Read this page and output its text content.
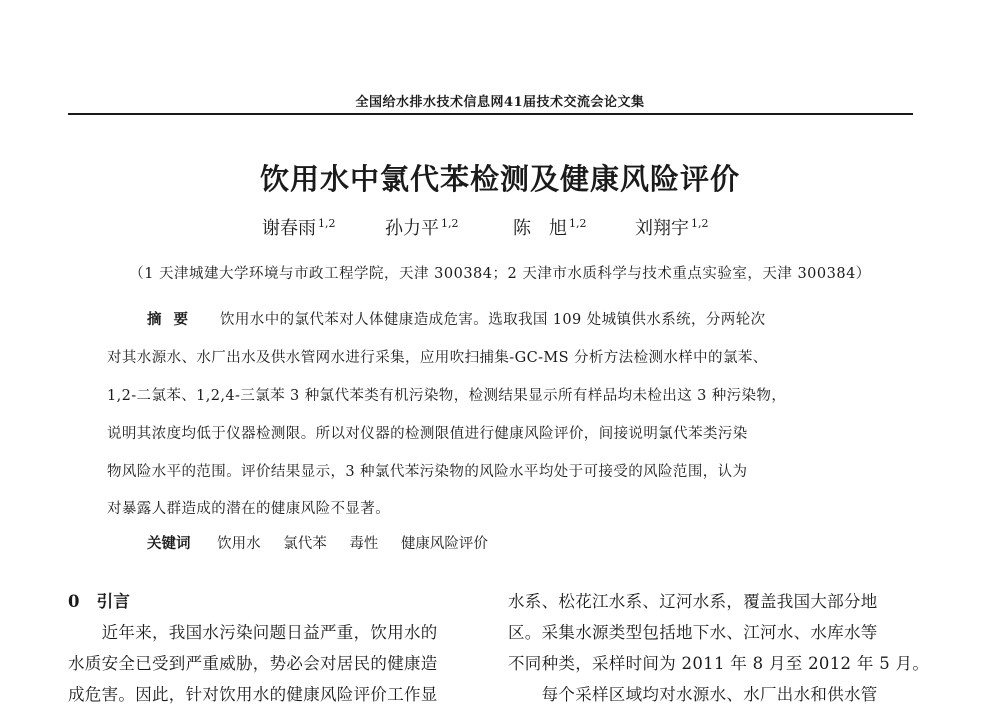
全国给水排水技术信息网41届技术交流会论文集
饮用水中氯代苯检测及健康风险评价
谢春雨 $^{1,2}$	孙力平 $^{1,2}$	陈　旭 $^{1,2}$	刘翔宇 $^{1,2}$
（1 天津城建大学环境与市政工程学院，天津 300384；2 天津市水质科学与技术重点实验室，天津 300384）
摘要 饮用水中的氯代苯对人体健康造成危害。选取我国 109 处城镇供水系统，分两轮次
对其水源水、水厂出水及供水管网水进行采集，应用吹扫捕集-GC-MS 分析方法检测水样中的氯苯、
1,2-二氯苯、1,2,4-三氯苯 3 种氯代苯类有机污染物，检测结果显示所有样品均未检出这 3 种污染物，
说明其浓度均低于仪器检测限。所以对仪器的检测限值进行健康风险评价，间接说明氯代苯类污染
物风险水平的范围。评价结果显示，3 种氯代苯污染物的风险水平均处于可接受的风险范围，认为
对暴露人群造成的潜在的健康风险不显著。
关键词 饮用水 氯代苯 毒性 健康风险评价
0　引言
　　近年来，我国水污染问题日益严重，饮用水的
水质安全已受到严重威胁，势必会对居民的健康造
成危害。因此，针对饮用水的健康风险评价工作显
水系、松花江水系、辽河水系，覆盖我国大部分地
区。采集水源类型包括地下水、江河水、水库水等
不同种类，采样时间为 2011 年 8 月至 2012 年 5 月。
　　每个采样区域均对水源水、水厂出水和供水管
